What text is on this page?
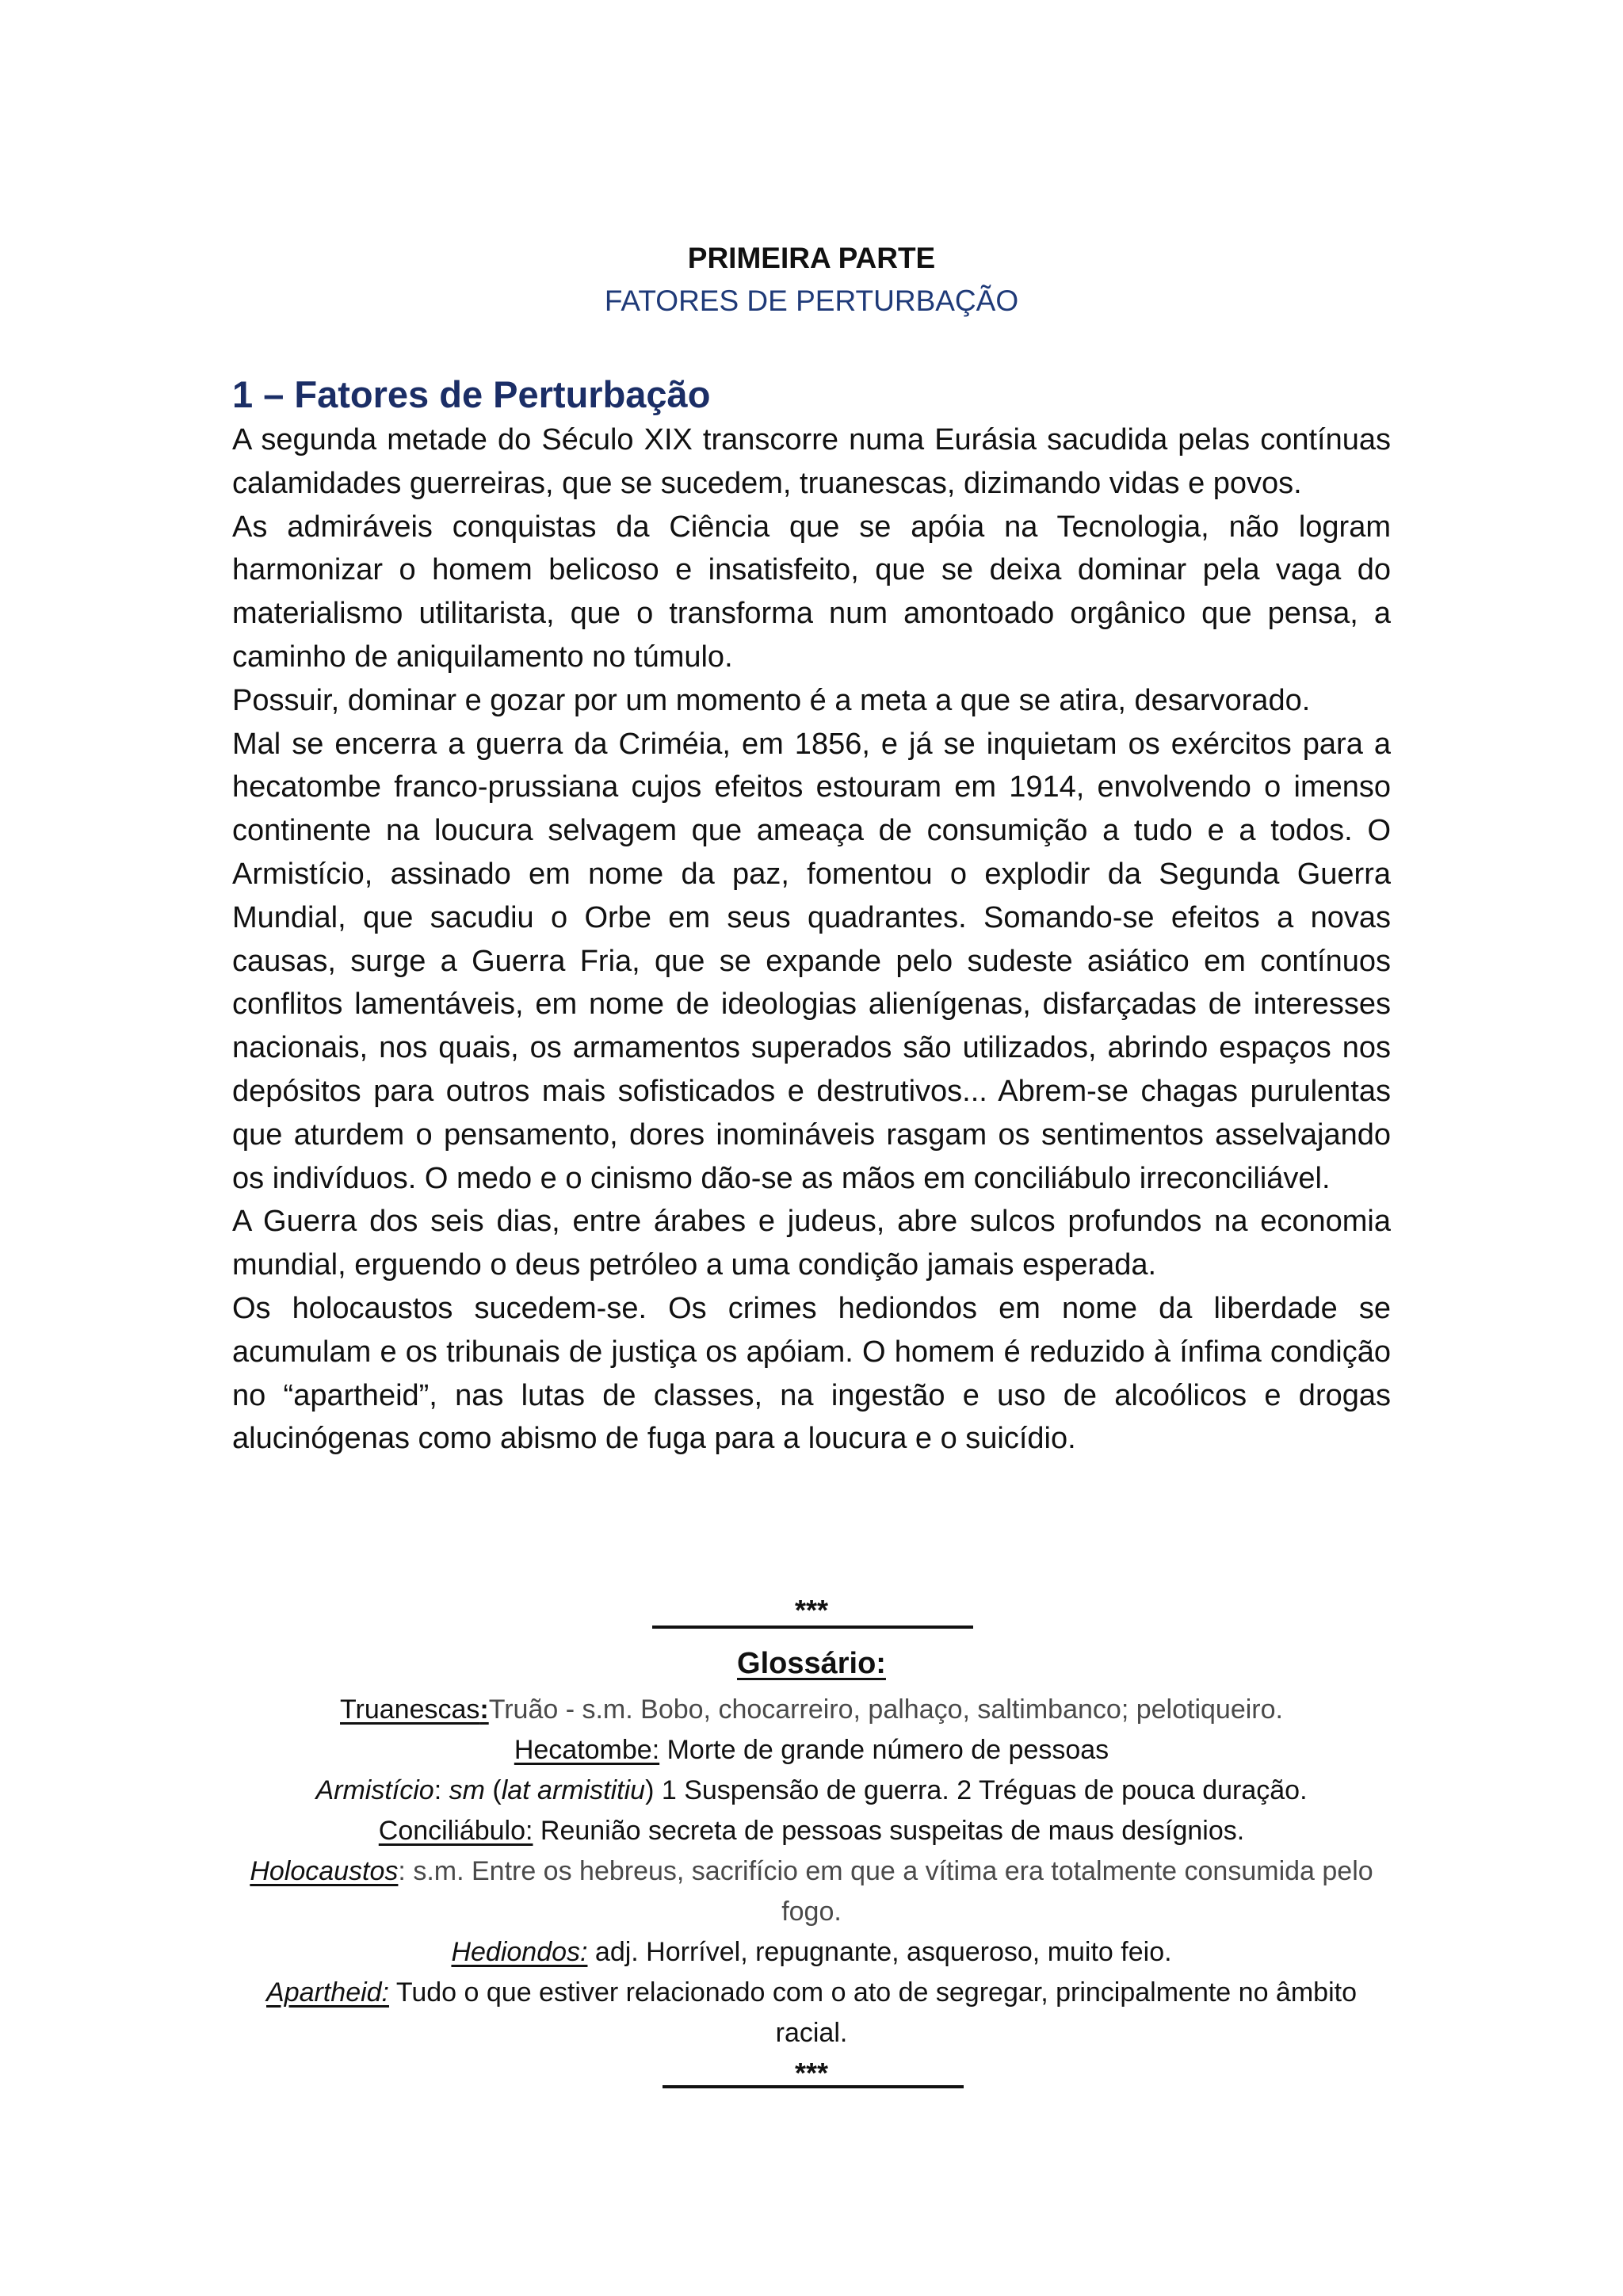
PRIMEIRA PARTE
FATORES DE PERTURBAÇÃO
1 – Fatores de Perturbação

A segunda metade do Século XIX transcorre numa Eurásia sacudida pelas contínuas calamidades guerreiras, que se sucedem, truanescas, dizimando vidas e povos.

As admiráveis conquistas da Ciência que se apóia na Tecnologia, não logram harmonizar o homem belicoso e insatisfeito, que se deixa dominar pela vaga do materialismo utilitarista, que o transforma num amontoado orgânico que pensa, a caminho de aniquilamento no túmulo.

Possuir, dominar e gozar por um momento é a meta a que se atira, desarvorado.

Mal se encerra a guerra da Criméia, em 1856, e já se inquietam os exércitos para a hecatombe franco-prussiana cujos efeitos estouram em 1914, envolvendo o imenso continente na loucura selvagem que ameaça de consumição a tudo e a todos. O Armistício, assinado em nome da paz, fomentou o explodir da Segunda Guerra Mundial, que sacudiu o Orbe em seus quadrantes. Somando-se efeitos a novas causas, surge a Guerra Fria, que se expande pelo sudeste asiático em contínuos conflitos lamentáveis, em nome de ideologias alienígenas, disfarçadas de interesses nacionais, nos quais, os armamentos superados são utilizados, abrindo espaços nos depósitos para outros mais sofisticados e destrutivos... Abrem-se chagas purulentas que aturdem o pensamento, dores inomináveis rasgam os sentimentos asselvajando os indivíduos. O medo e o cinismo dão-se as mãos em conciliábulo irreconciliável.

A Guerra dos seis dias, entre árabes e judeus, abre sulcos profundos na economia mundial, erguendo o deus petróleo a uma condição jamais esperada.

Os holocaustos sucedem-se. Os crimes hediondos em nome da liberdade se acumulam e os tribunais de justiça os apóiam. O homem é reduzido à ínfima condição no “apartheid”, nas lutas de classes, na ingestão e uso de alcoólicos e drogas alucinógenas como abismo de fuga para a loucura e o suicídio.

***
Glossário:

Truanescas:Truão - s.m. Bobo, chocarreiro, palhaço, saltimbanco; pelotiqueiro.

Hecatombe: Morte de grande número de pessoas

Armistício: sm (lat armistitiu) 1 Suspensão de guerra. 2 Tréguas de pouca duração.

Conciliábulo: Reunião secreta de pessoas suspeitas de maus desígnios.

Holocaustos: s.m. Entre os hebreus, sacrifício em que a vítima era totalmente consumida pelo fogo.

Hediondos: adj. Horrível, repugnante, asqueroso, muito feio.

Apartheid: Tudo o que estiver relacionado com o ato de segregar, principalmente no âmbito racial.

***
